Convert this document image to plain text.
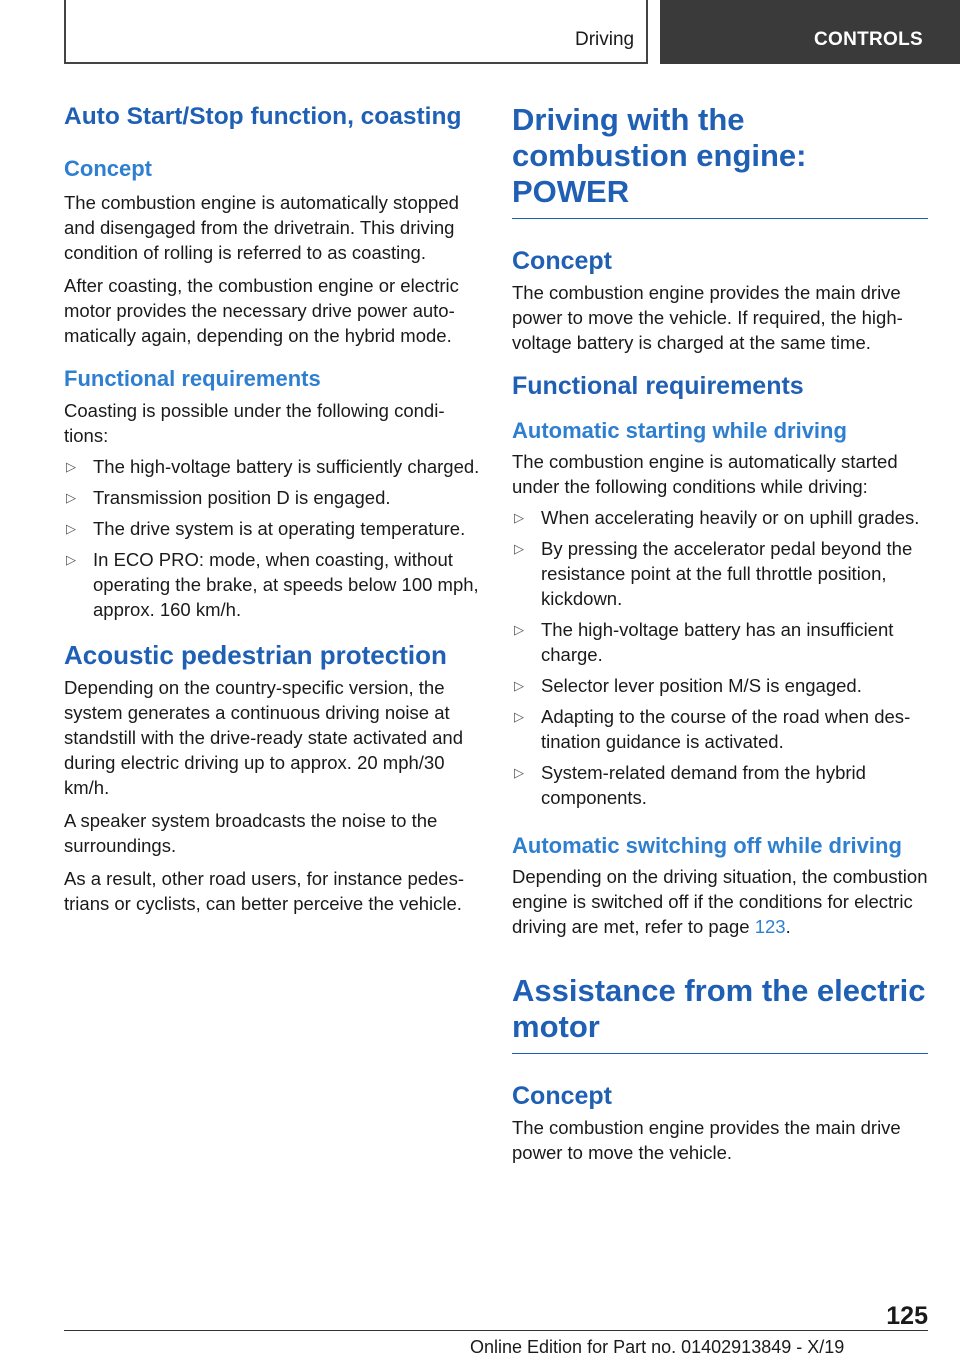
Driving	CONTROLS
Auto Start/Stop function, coasting
Concept

The combustion engine is automatically stopped and disengaged from the drivetrain. This driving condition of rolling is referred to as coasting.

After coasting, the combustion engine or electric motor provides the necessary drive power automatically again, depending on the hybrid mode.

Functional requirements

Coasting is possible under the following conditions:

▷ The high-voltage battery is sufficiently charged.
▷ Transmission position D is engaged.
▷ The drive system is at operating temperature.
▷ In ECO PRO: mode, when coasting, without operating the brake, at speeds below 100 mph, approx. 160 km/h.
Acoustic pedestrian protection

Depending on the country-specific version, the system generates a continuous driving noise at standstill with the drive-ready state activated and during electric driving up to approx. 20 mph/30 km/h.

A speaker system broadcasts the noise to the surroundings.

As a result, other road users, for instance pedestrians or cyclists, can better perceive the vehicle.

Driving with the combustion engine: POWER
Concept

The combustion engine provides the main drive power to move the vehicle. If required, the high-voltage battery is charged at the same time.

Functional requirements
Automatic starting while driving

The combustion engine is automatically started under the following conditions while driving:

▷ When accelerating heavily or on uphill grades.
▷ By pressing the accelerator pedal beyond the resistance point at the full throttle position, kickdown.
▷ The high-voltage battery has an insufficient charge.
▷ Selector lever position M/S is engaged.
▷ Adapting to the course of the road when destination guidance is activated.
▷ System-related demand from the hybrid components.
Automatic switching off while driving

Depending on the driving situation, the combustion engine is switched off if the conditions for electric driving are met, refer to page 123.

Assistance from the electric motor
Concept

The combustion engine provides the main drive power to move the vehicle.

125
Online Edition for Part no. 01402913849 - X/19
